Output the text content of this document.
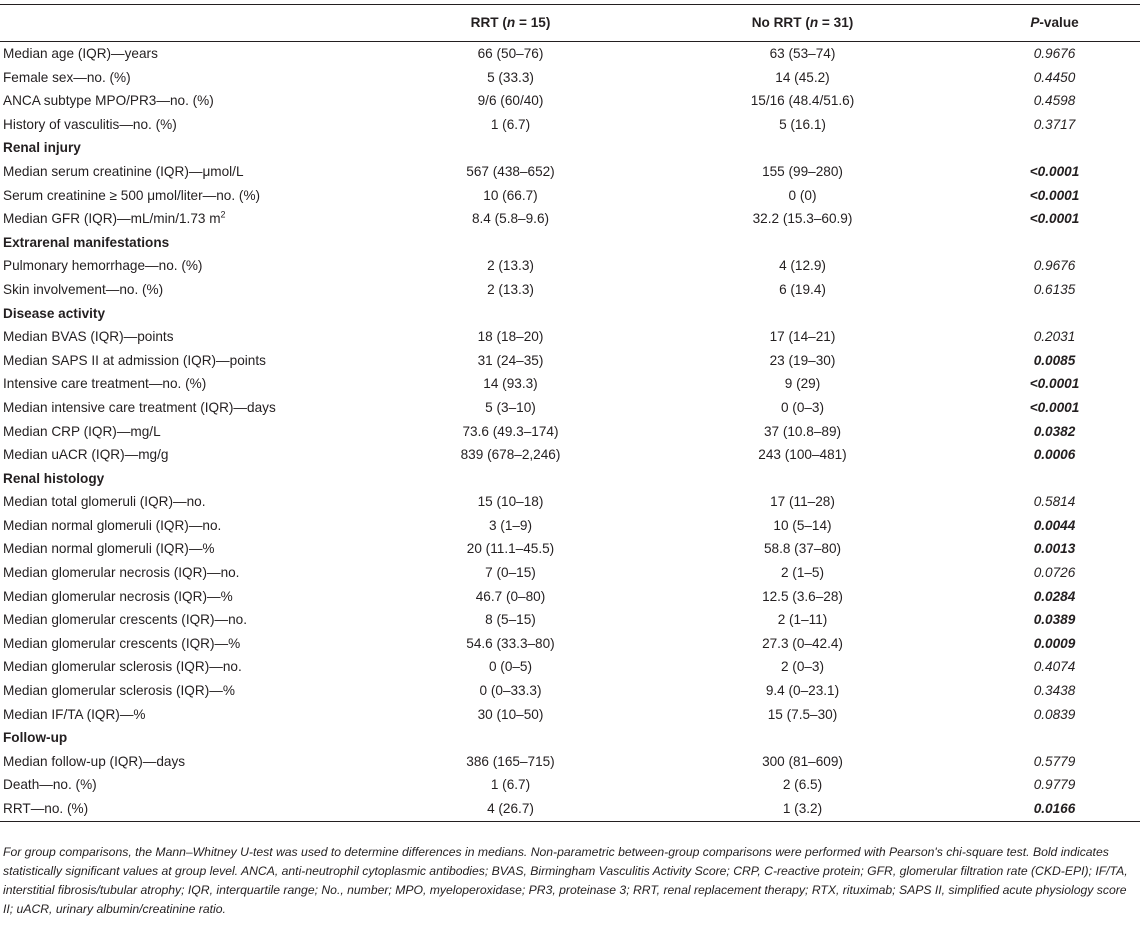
	RRT (n = 15)	No RRT (n = 31)	P-value
Median age (IQR)—years	66 (50–76)	63 (53–74)	0.9676
Female sex—no. (%)	5 (33.3)	14 (45.2)	0.4450
ANCA subtype MPO/PR3—no. (%)	9/6 (60/40)	15/16 (48.4/51.6)	0.4598
History of vasculitis—no. (%)	1 (6.7)	5 (16.1)	0.3717
Renal injury			
Median serum creatinine (IQR)—μmol/L	567 (438–652)	155 (99–280)	<0.0001
Serum creatinine ≥ 500 μmol/liter—no. (%)	10 (66.7)	0 (0)	<0.0001
Median GFR (IQR)—mL/min/1.73 $m^2$	8.4 (5.8–9.6)	32.2 (15.3–60.9)	<0.0001
Extrarenal manifestations			
Pulmonary hemorrhage—no. (%)	2 (13.3)	4 (12.9)	0.9676
Skin involvement—no. (%)	2 (13.3)	6 (19.4)	0.6135
Disease activity			
Median BVAS (IQR)—points	18 (18–20)	17 (14–21)	0.2031
Median SAPS II at admission (IQR)—points	31 (24–35)	23 (19–30)	0.0085
Intensive care treatment—no. (%)	14 (93.3)	9 (29)	<0.0001
Median intensive care treatment (IQR)—days	5 (3–10)	0 (0–3)	<0.0001
Median CRP (IQR)—mg/L	73.6 (49.3–174)	37 (10.8–89)	0.0382
Median uACR (IQR)—mg/g	839 (678–2,246)	243 (100–481)	0.0006
Renal histology			
Median total glomeruli (IQR)—no.	15 (10–18)	17 (11–28)	0.5814
Median normal glomeruli (IQR)—no.	3 (1–9)	10 (5–14)	0.0044
Median normal glomeruli (IQR)—%	20 (11.1–45.5)	58.8 (37–80)	0.0013
Median glomerular necrosis (IQR)—no.	7 (0–15)	2 (1–5)	0.0726
Median glomerular necrosis (IQR)—%	46.7 (0–80)	12.5 (3.6–28)	0.0284
Median glomerular crescents (IQR)—no.	8 (5–15)	2 (1–11)	0.0389
Median glomerular crescents (IQR)—%	54.6 (33.3–80)	27.3 (0–42.4)	0.0009
Median glomerular sclerosis (IQR)—no.	0 (0–5)	2 (0–3)	0.4074
Median glomerular sclerosis (IQR)—%	0 (0–33.3)	9.4 (0–23.1)	0.3438
Median IF/TA (IQR)—%	30 (10–50)	15 (7.5–30)	0.0839
Follow-up			
Median follow-up (IQR)—days	386 (165–715)	300 (81–609)	0.5779
Death—no. (%)	1 (6.7)	2 (6.5)	0.9779
RRT—no. (%)	4 (26.7)	1 (3.2)	0.0166

For group comparisons, the Mann–Whitney U-test was used to determine differences in medians. Non-parametric between-group comparisons were performed with Pearson's chi-square test. Bold indicates statistically significant values at group level. ANCA, anti-neutrophil cytoplasmic antibodies; BVAS, Birmingham Vasculitis Activity Score; CRP, C-reactive protein; GFR, glomerular filtration rate (CKD-EPI); IF/TA, interstitial fibrosis/tubular atrophy; IQR, interquartile range; No., number; MPO, myeloperoxidase; PR3, proteinase 3; RRT, renal replacement therapy; RTX, rituximab; SAPS II, simplified acute physiology score II; uACR, urinary albumin/creatinine ratio.
